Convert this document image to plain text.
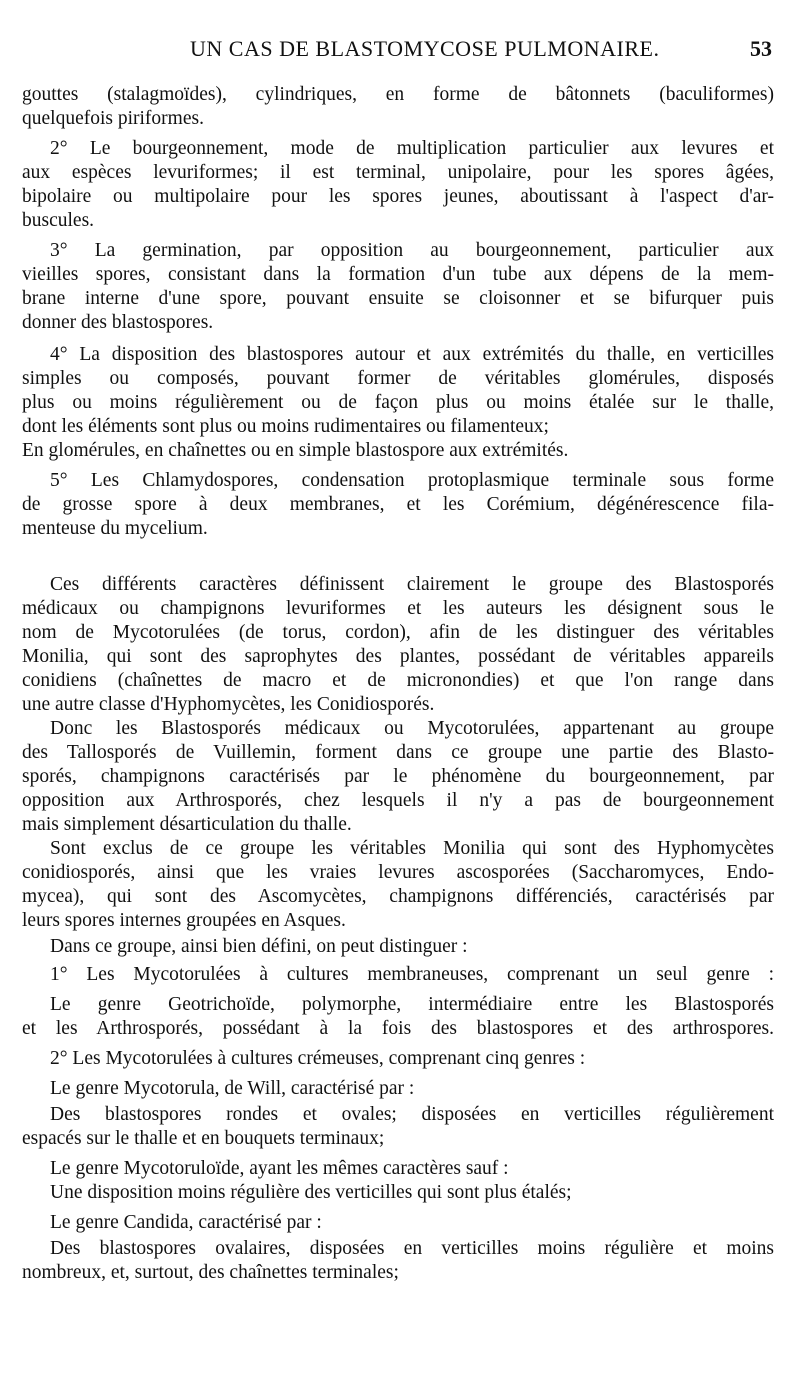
UN CAS DE BLASTOMYCOSE PULMONAIRE.	53
gouttes (stalagmoïdes), cylindriques, en forme de bâtonnets (baculiformes)
quelquefois piriformes.
2° Le bourgeonnement, mode de multiplication particulier aux levures et
aux espèces levuriformes; il est terminal, unipolaire, pour les spores âgées,
bipolaire ou multipolaire pour les spores jeunes, aboutissant à l'aspect d'ar-
buscules.
3° La germination, par opposition au bourgeonnement, particulier aux
vieilles spores, consistant dans la formation d'un tube aux dépens de la mem-
brane interne d'une spore, pouvant ensuite se cloisonner et se bifurquer puis
donner des blastospores.
4° La disposition des blastospores autour et aux extrémités du thalle, en verticilles
simples ou composés, pouvant former de véritables glomérules, disposés
plus ou moins régulièrement ou de façon plus ou moins étalée sur le thalle,
dont les éléments sont plus ou moins rudimentaires ou filamenteux;
En glomérules, en chaînettes ou en simple blastospore aux extrémités.
5° Les Chlamydospores, condensation protoplasmique terminale sous forme
de grosse spore à deux membranes, et les Corémium, dégénérescence fila-
menteuse du mycelium.
Ces différents caractères définissent clairement le groupe des Blastosporés
médicaux ou champignons levuriformes et les auteurs les désignent sous le
nom de Mycotorulées (de torus, cordon), afin de les distinguer des véritables
Monilia, qui sont des saprophytes des plantes, possédant de véritables appareils
conidiens (chaînettes de macro et de micronondies) et que l'on range dans
une autre classe d'Hyphomycètes, les Conidiosporés.
Donc les Blastosporés médicaux ou Mycotorulées, appartenant au groupe
des Tallosporés de Vuillemin, forment dans ce groupe une partie des Blasto-
sporés, champignons caractérisés par le phénomène du bourgeonnement, par
opposition aux Arthrosporés, chez lesquels il n'y a pas de bourgeonnement
mais simplement désarticulation du thalle.
Sont exclus de ce groupe les véritables Monilia qui sont des Hyphomycètes
conidiosporés, ainsi que les vraies levures ascosporées (Saccharomyces, Endo-
mycea), qui sont des Ascomycètes, champignons différenciés, caractérisés par
leurs spores internes groupées en Asques.
Dans ce groupe, ainsi bien défini, on peut distinguer :
1° Les Mycotorulées à cultures membraneuses, comprenant un seul genre :
Le genre Geotrichoïde, polymorphe, intermédiaire entre les Blastosporés
et les Arthrosporés, possédant à la fois des blastospores et des arthrospores.
2° Les Mycotorulées à cultures crémeuses, comprenant cinq genres :
Le genre Mycotorula, de Will, caractérisé par :
Des blastospores rondes et ovales; disposées en verticilles régulièrement
espacés sur le thalle et en bouquets terminaux;
Le genre Mycotoruloïde, ayant les mêmes caractères sauf :
Une disposition moins régulière des verticilles qui sont plus étalés;
Le genre Candida, caractérisé par :
Des blastospores ovalaires, disposées en verticilles moins régulière et moins
nombreux, et, surtout, des chaînettes terminales;
